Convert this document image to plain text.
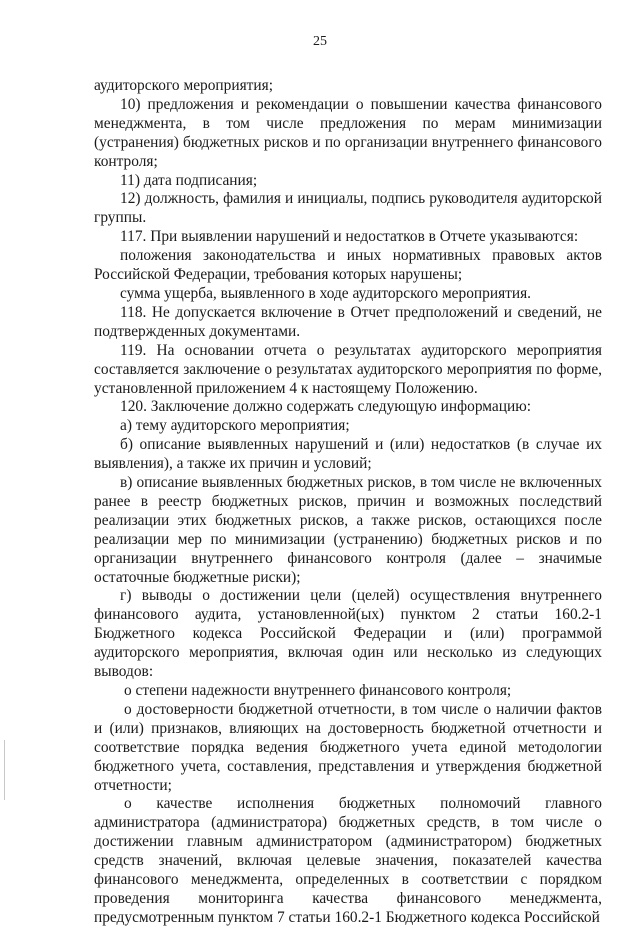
25

аудиторского мероприятия;

10) предложения и рекомендации о повышении качества финансового менеджмента, в том числе предложения по мерам минимизации (устранения) бюджетных рисков и по организации внутреннего финансового контроля;

11) дата подписания;

12) должность, фамилия и инициалы, подпись руководителя аудиторской группы.

117. При выявлении нарушений и недостатков в Отчете указываются:

положения законодательства и иных нормативных правовых актов Российской Федерации, требования которых нарушены;

сумма ущерба, выявленного в ходе аудиторского мероприятия.

118. Не допускается включение в Отчет предположений и сведений, не подтвержденных документами.

119. На основании отчета о результатах аудиторского мероприятия составляется заключение о результатах аудиторского мероприятия по форме, установленной приложением 4 к настоящему Положению.

120. Заключение должно содержать следующую информацию:

а) тему аудиторского мероприятия;

б) описание выявленных нарушений и (или) недостатков (в случае их выявления), а также их причин и условий;

в) описание выявленных бюджетных рисков, в том числе не включенных ранее в реестр бюджетных рисков, причин и возможных последствий реализации этих бюджетных рисков, а также рисков, остающихся после реализации мер по минимизации (устранению) бюджетных рисков и по организации внутреннего финансового контроля (далее – значимые остаточные бюджетные риски);

г) выводы о достижении цели (целей) осуществления внутреннего финансового аудита, установленной(ых) пунктом 2 статьи 160.2-1 Бюджетного кодекса Российской Федерации и (или) программой аудиторского мероприятия, включая один или несколько из следующих выводов:

о степени надежности внутреннего финансового контроля;

о достоверности бюджетной отчетности, в том числе о наличии фактов и (или) признаков, влияющих на достоверность бюджетной отчетности и соответствие порядка ведения бюджетного учета единой методологии бюджетного учета, составления, представления и утверждения бюджетной отчетности;

о качестве исполнения бюджетных полномочий главного администратора (администратора) бюджетных средств, в том числе о достижении главным администратором (администратором) бюджетных средств значений, включая целевые значения, показателей качества финансового менеджмента, определенных в соответствии с порядком проведения мониторинга качества финансового менеджмента, предусмотренным пунктом 7 статьи 160.2-1 Бюджетного кодекса Российской
